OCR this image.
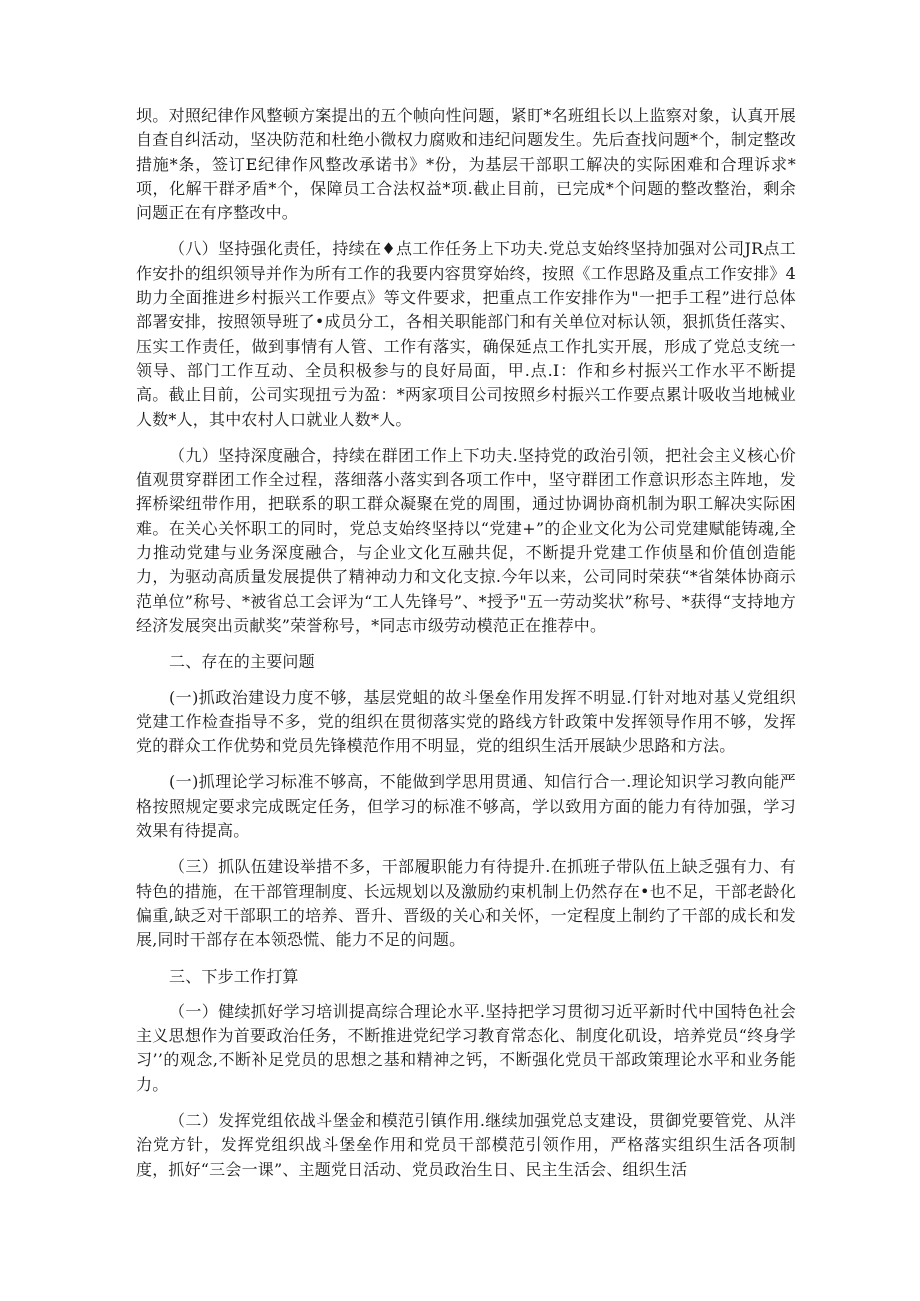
坝。对照纪律作风整顿方案提出的五个帧向性问题，紧盯*名班组长以上监察对象，认真开展自查自纠活动，坚决防范和杜绝小微权力腐败和违纪问题发生。先后查找问题*个，制定整改措施*条，签订E纪律作风整改承诺书》*份，为基层干部职工解决的实际困难和合理诉求*项，化解干群矛盾*个，保障员工合法权益*项.截止目前，已完成*个问题的整改整治，剩余问题正在有序整改中。

（八）坚持强化责任，持续在♦点工作任务上下功夫.党总支始终坚持加强对公司JR点工作安扑的组织领导并作为所有工作的我要内容贯穿始终，按照《工作思路及重点工作安排》4助力全面推进乡村振兴工作要点》等文件要求，把重点工作安排作为"一把手工程”进行总体部署安排，按照领导班了•成员分工，各相关职能部门和有关单位对标认领，狠抓货任落实、压实工作责任，做到事情有人管、工作有落实，确保延点工作扎实开展，形成了党总支统一领导、部门工作互动、全员积极参与的良好局面，甲.点.I：作和乡村振兴工作水平不断提高。截止目前，公司实现扭亏为盈：*两家项目公司按照乡村振兴工作要点累计吸收当地械业人数*人，其中农村人口就业人数*人。

（九）坚持深度融合，持续在群团工作上下功夫.坚持党的政治引领，把社会主义核心价值观贯穿群团工作全过程，落细落小落实到各项工作中，坚守群团工作意识形态主阵地，发挥桥梁纽带作用，把联系的职工群众凝聚在党的周围，通过协调协商机制为职工解决实际困难。在关心关怀职工的同时，党总支始终坚持以“党建+”的企业文化为公司党建赋能铸魂,全力推动党建与业务深度融合，与企业文化互融共促，不断提升党建工作侦垦和价值创造能力，为驱动高质量发展提供了精神动力和文化支掠.今年以来，公司同时荣获“*省桀体协商示范单位”称号、*被省总工会评为“工人先锋号”、*授予"五一劳动奖状”称号、*获得“支持地方经济发展突出贡献奖”荣誉称号，*同志市级劳动模范正在推荐中。

二、存在的主要问题

(一)抓政治建设力度不够，基层党蛆的故斗堡垒作用发挥不明显.仃针对地对基乂党组织党建工作检查指导不多，党的组织在贯彻落实党的路线方针政策中发挥领导作用不够，发挥党的群众工作优势和党员先锋模范作用不明显，党的组织生活开展缺少思路和方法。

(一)抓理论学习标准不够高，不能做到学思用贯通、知信行合一.理论知识学习教向能严格按照规定要求完成既定任务，但学习的标准不够高，学以致用方面的能力有待加强，学习效果有待提高。

（三）抓队伍建设举措不多，干部履职能力有待提升.在抓班子带队伍上缺乏强有力、有特色的措施，在干部管理制度、长远规划以及激励约束机制上仍然存在•也不足，干部老龄化偏重,缺乏对干部职工的培养、晋升、晋级的关心和关怀，一定程度上制约了干部的成长和发展,同时干部存在本领恐慌、能力不足的问题。

三、下步工作打算

（一）健续抓好学习培训提高综合理论水平.坚持把学习贯彻习近平新时代中国特色社会主义思想作为首要政治任务，不断推进党纪学习教育常态化、制度化矶设，培养党员“终身学习’’的观念,不断补足党员的思想之基和精神之钙，不断强化党员干部政策理论水平和业务能力。

（二）发挥党组依战斗堡金和模范引镇作用.继续加强党总支建设，贯御党要管党、从泮治党方针，发挥党组织战斗堡垒作用和党员干部模范引领作用，严格落实组织生活各项制度，抓好“三会一课”、主题党日活动、党员政治生日、民主生活会、组织生活
